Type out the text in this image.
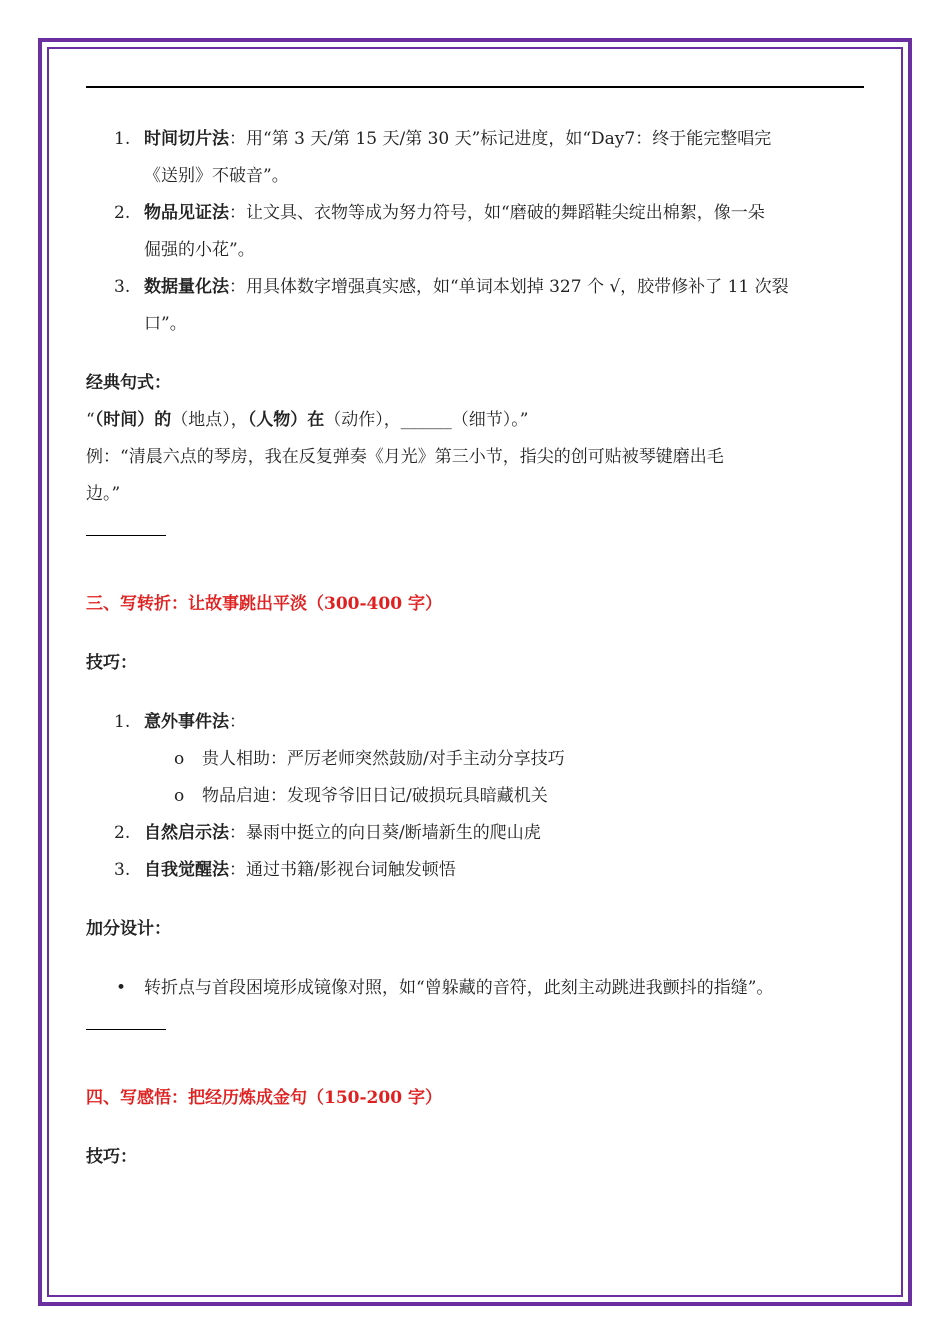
1. 时间切片法：用“第 3 天/第 15 天/第 30 天”标记进度，如“Day7：终于能完整唱完
《送别》不破音”。
2. 物品见证法：让文具、衣物等成为努力符号，如“磨破的舞蹈鞋尖绽出棉絮，像一朵
倔强的小花”。
3. 数据量化法：用具体数字增强真实感，如“单词本划掉 327 个 √，胶带修补了 11 次裂
口”。
经典句式：
“（时间）的（地点），（人物）在（动作），______（细节）。”
例：“清晨六点的琴房，我在反复弹奏《月光》第三小节，指尖的创可贴被琴键磨出毛
边。”
三、写转折：让故事跳出平淡（300-400 字）
技巧：
1. 意外事件法：
o 贵人相助：严厉老师突然鼓励/对手主动分享技巧
o 物品启迪：发现爷爷旧日记/破损玩具暗藏机关
2. 自然启示法：暴雨中挺立的向日葵/断墙新生的爬山虎
3. 自我觉醒法：通过书籍/影视台词触发顿悟
加分设计：
• 转折点与首段困境形成镜像对照，如“曾躲藏的音符，此刻主动跳进我颤抖的指缝”。
四、写感悟：把经历炼成金句（150-200 字）
技巧：
